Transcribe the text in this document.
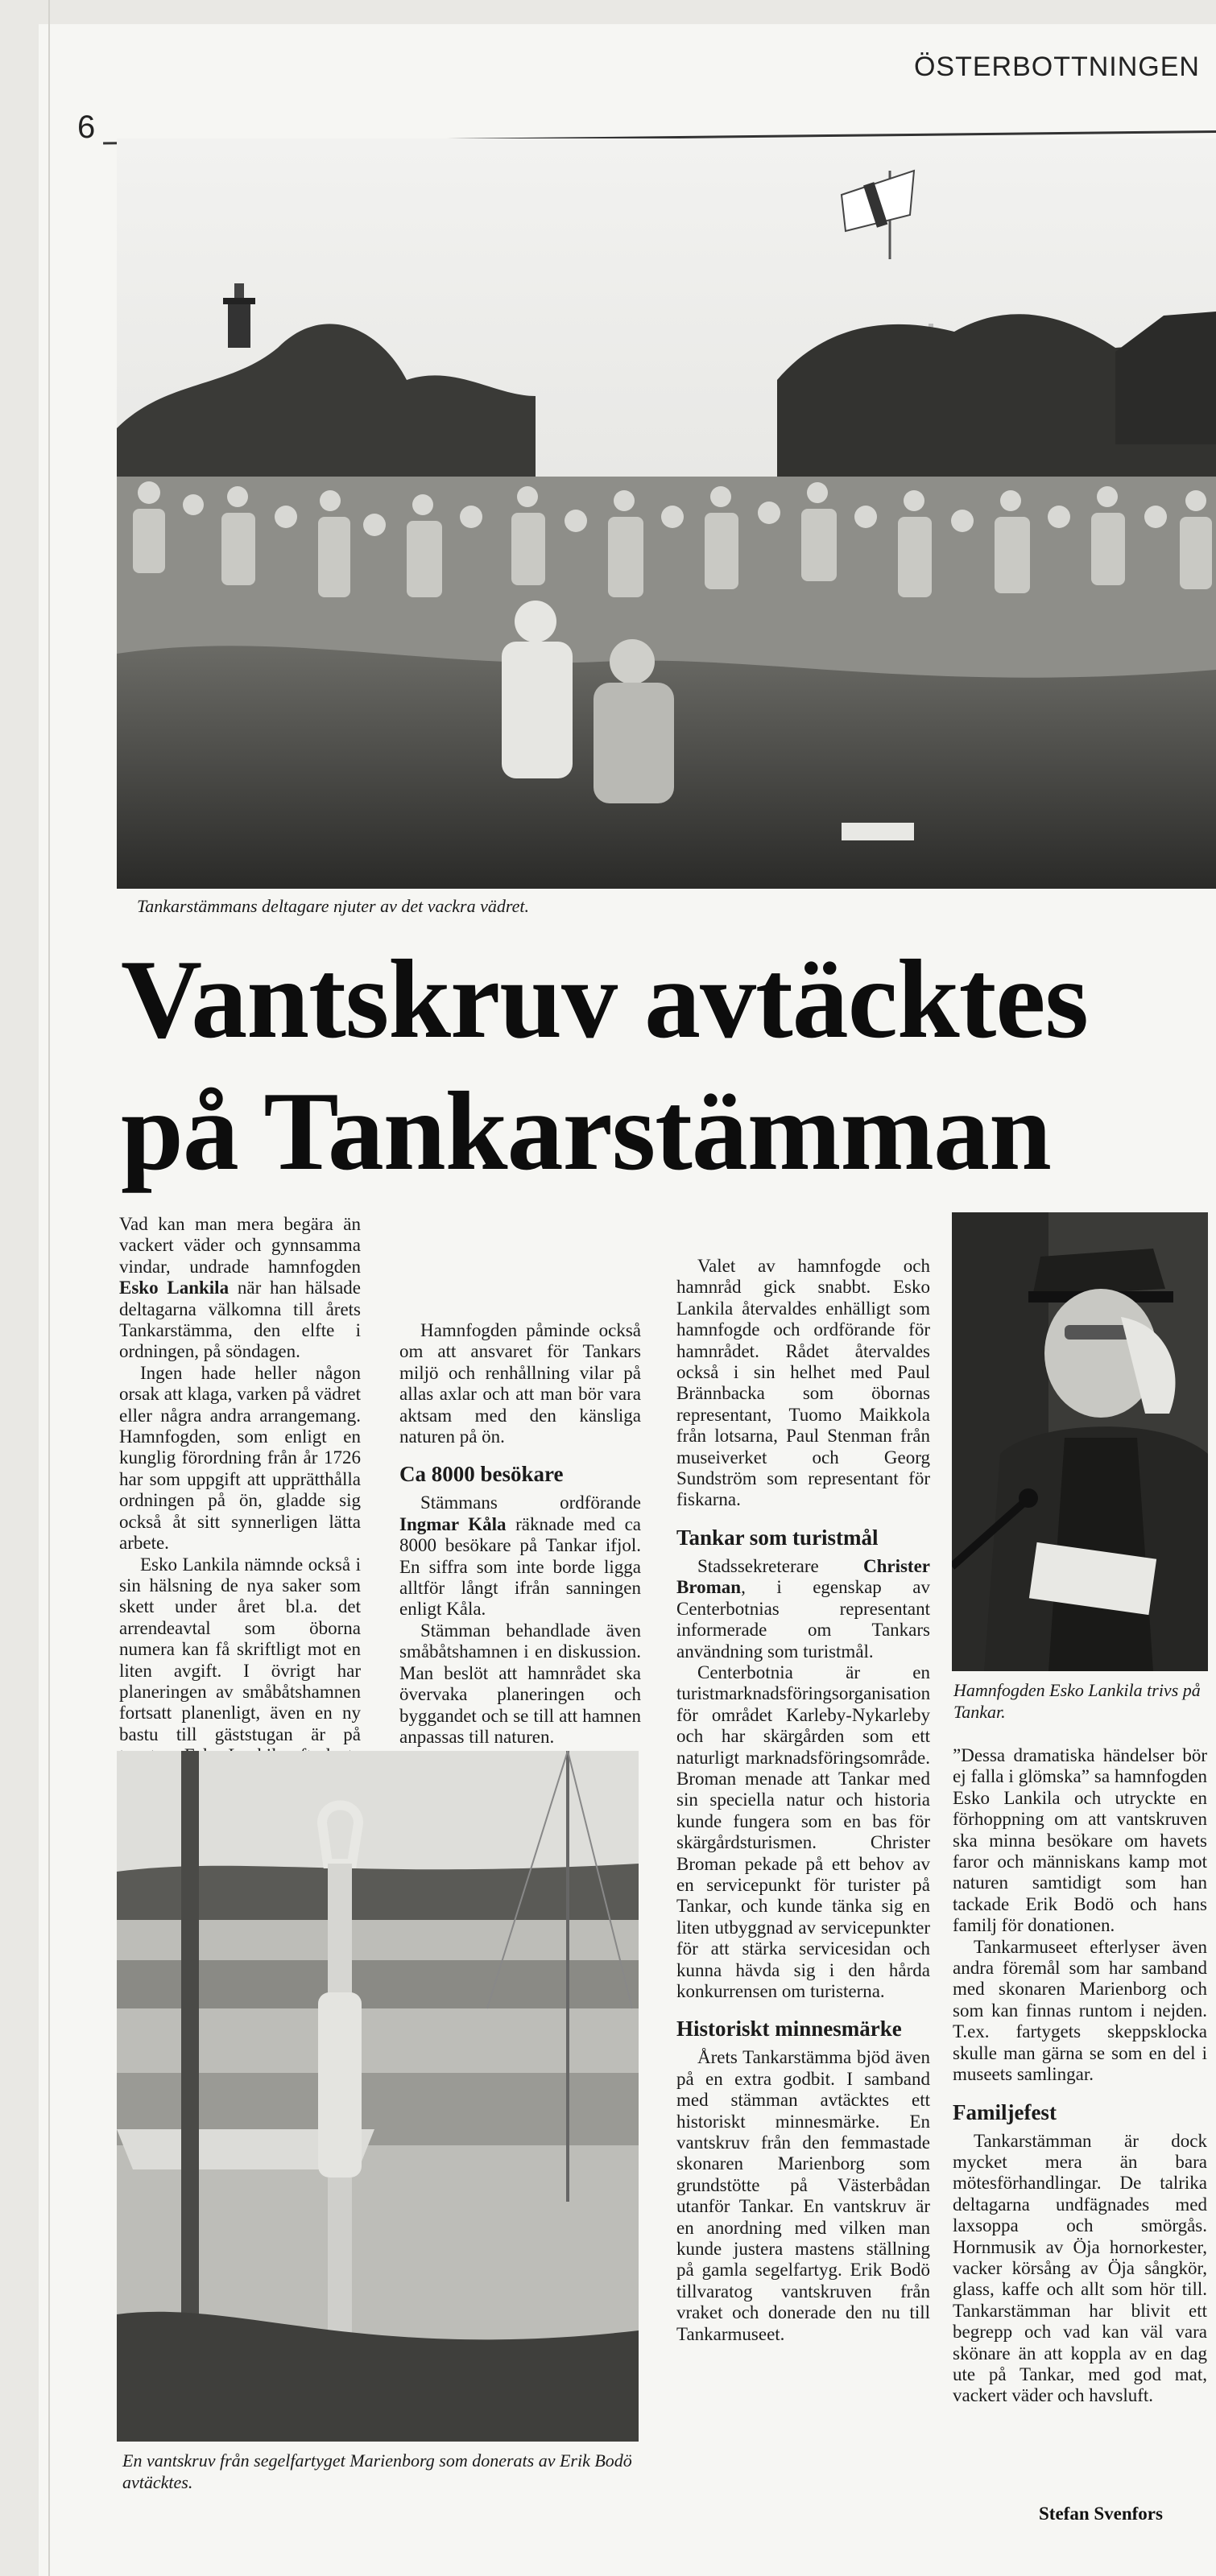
ÖSTERBOTTNINGEN
6
Tankarstämmans deltagare njuter av det vackra vädret.
Vantskruv avtäcktes
på Tankarstämman

Vad kan man mera begära än vackert väder och gynnsamma vindar, undrade hamnfogden Esko Lankila när han hälsade deltagarna välkomna till årets Tankarstämma, den elfte i ordningen, på söndagen.

Ingen hade heller någon orsak att klaga, varken på vädret eller några andra arrangemang. Hamnfogden, som enligt en kunglig förordning från år 1726 har som uppgift att upprätthålla ordningen på ön, gladde sig också åt sitt synnerligen lätta arbete.

Esko Lankila nämnde också i sin hälsning de nya saker som skett under året bl.a. det arrendeavtal som öborna numera kan få skriftligt mot en liten avgift. I övrigt har planeringen av småbåtshamnen fortsatt planenligt, även en ny bastu till gäststugan är på

Hamnfogden påminde också om att ansvaret för Tankars miljö och renhållning vilar på allas axlar och att man bör vara aktsam med den känsliga naturen på ön.

Ca 8000 besökare

Stämmans ordförande Ingmar Kåla räknade med ca 8000 besökare på Tankar ifjol. En siffra som inte borde ligga alltför långt ifrån sanningen enligt Kåla.

Stämman behandlade även småbåtshamnen i en diskussion. Man beslöt att hamnrådet ska övervaka planeringen och byggandet och se till att hamnen anpassas till naturen.

Valet av hamnfogde och hamnråd gick snabbt. Esko Lankila återvaldes enhälligt som hamnfogde och ordförande för hamnrådet. Rådet återvaldes också i sin helhet med Paul Brännbacka som öbornas representant, Tuomo Maikkola från lotsarna, Paul Stenman från museiverket och Georg Sundström som representant för fiskarna.

Tankar som turistmål

Stadssekreterare Christer Broman, i egenskap av Centerbotnias representant informerade om Tankars användning som turistmål.

Centerbotnia är en turistmarknadsföringsorganisation för området Karleby-Nykarleby och har skärgården som ett naturligt marknadsföringsområde. Broman menade att Tankar med sin speciella natur och historia kunde fungera som en bas för skärgårdsturismen. Christer Broman pekade på ett behov av en servicepunkt för turister på Tankar, och kunde tänka sig en liten utbyggnad av servicepunkter för att stärka servicesidan och kunna hävda sig i den hårda konkurrensen om turisterna.

Historiskt minnesmärke

Årets Tankarstämma bjöd även på en extra godbit. I samband med stämman avtäcktes ett historiskt minnesmärke. En vantskruv från den femmastade skonaren Marienborg som grundstötte på Västerbådan utanför Tankar. En vantskruv är en anordning med vilken man kunde justera mastens ställning på gamla segelfartyg. Erik Bodö tillvaratog vantskruven från vraket och donerade den nu till Tankarmuseet.

Hamnfogden Esko Lankila trivs på Tankar.

”Dessa dramatiska händelser bör ej falla i glömska” sa hamnfogden Esko Lankila och utryckte en förhoppning om att vantskruven ska minna besökare om havets faror och människans kamp mot naturen samtidigt som han tackade Erik Bodö och hans familj för donationen.

Tankarmuseet efterlyser även andra föremål som har samband med skonaren Marienborg och som kan finnas runtom i nejden. T.ex. fartygets skeppsklocka skulle man gärna se som en del i museets samlingar.

Familjefest

Tankarstämman är dock mycket mera än bara mötesförhandlingar. De talrika deltagarna undfägnades med laxsoppa och smörgås. Hornmusik av Öja hornorkester, vacker körsång av Öja sångkör, glass, kaffe och allt som hör till. Tankarstämman har blivit ett begrepp och vad kan väl vara skönare än att koppla av en dag ute på Tankar, med god mat, vackert väder och havsluft.

En vantskruv från segelfartyget Marienborg som donerats av Erik Bodö avtäcktes.
Stefan Svenfors
